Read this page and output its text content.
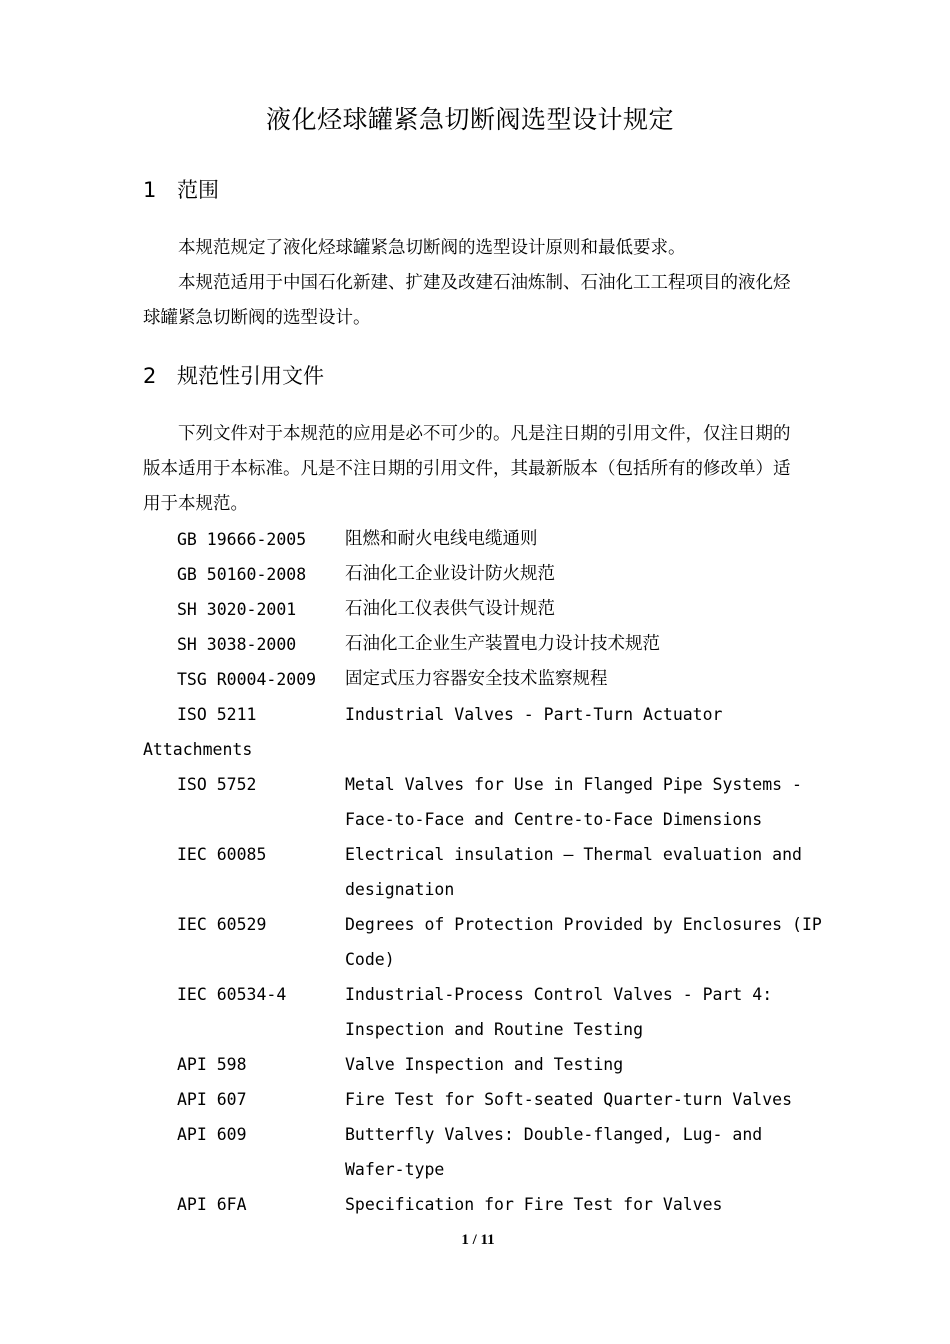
液化烃球罐紧急切断阀选型设计规定
1 范围

本规范规定了液化烃球罐紧急切断阀的选型设计原则和最低要求。

本规范适用于中国石化新建、扩建及改建石油炼制、石油化工工程项目的液化烃球罐紧急切断阀的选型设计。

2 规范性引用文件

下列文件对于本规范的应用是必不可少的。凡是注日期的引用文件，仅注日期的版本适用于本标准。凡是不注日期的引用文件，其最新版本（包括所有的修改单）适用于本规范。

GB 19666-2005 阻燃和耐火电线电缆通则
GB 50160-2008 石油化工企业设计防火规范
SH 3020-2001	石油化工仪表供气设计规范
SH 3038-2000	石油化工企业生产装置电力设计技术规范
TSG R0004-2009 固定式压力容器安全技术监察规程
ISO 5211	Industrial Valves - Part-Turn Actuator
Attachments
ISO 5752	Metal Valves for Use in Flanged Pipe Systems -
Face-to-Face and Centre-to-Face Dimensions
IEC 60085	Electrical insulation – Thermal evaluation and
designation
IEC 60529	Degrees of Protection Provided by Enclosures (IP
Code)
IEC 60534-4	Industrial-Process Control Valves - Part 4:
Inspection and Routine Testing
API 598	Valve Inspection and Testing
API 607	Fire Test for Soft-seated Quarter-turn Valves
API 609	Butterfly Valves: Double-flanged, Lug- and
Wafer-type
API 6FA	Specification for Fire Test for Valves
1 / 11
